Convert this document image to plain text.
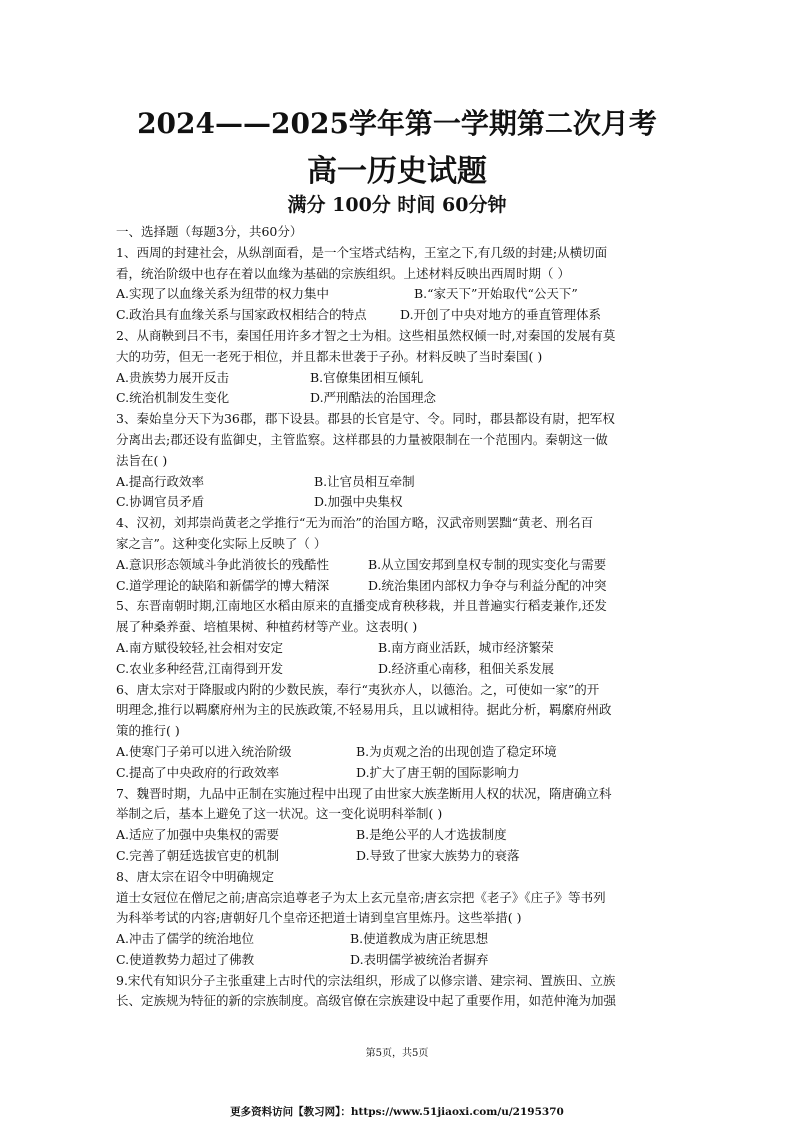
2024——2025学年第一学期第二次月考
高一历史试题
满分 100分 时间 60分钟
一、选择题（每题3分，共60分）
1、西周的封建社会，从纵剖面看，是一个宝塔式结构，王室之下,有几级的封建;从横切面
看，统治阶级中也存在着以血缘为基础的宗族组织。上述材料反映出西周时期（ ）
A.实现了以血缘关系为纽带的权力集中	B.“家天下”开始取代“公天下”
C.政治具有血缘关系与国家政权相结合的特点	D.开创了中央对地方的垂直管理体系
2、从商鞅到吕不韦，秦国任用许多才智之士为相。这些相虽然权倾一时,对秦国的发展有莫
大的功劳，但无一老死于相位，并且都未世袭于子孙。材料反映了当时秦国( )
A.贵族势力展开反击	B.官僚集团相互倾轧
C.统治机制发生变化	D.严刑酷法的治国理念
3、秦始皇分天下为36郡，郡下设县。郡县的长官是守、令。同时，郡县都设有尉，把军权
分离出去;郡还设有监御史，主管监察。这样郡县的力量被限制在一个范围内。秦朝这一做
法旨在( )
A.提高行政效率	B.让官员相互牵制
C.协调官员矛盾	D.加强中央集权
4、汉初，刘邦崇尚黄老之学推行“无为而治”的治国方略，汉武帝则罢黜“黄老、刑名百
家之言”。这种变化实际上反映了（ ）
A.意识形态领域斗争此消彼长的残酷性	B.从立国安邦到皇权专制的现实变化与需要
C.道学理论的缺陷和新儒学的博大精深	D.统治集团内部权力争夺与利益分配的冲突
5、东晋南朝时期,江南地区水稻由原来的直播变成育秧移栽，并且普遍实行稻麦兼作,还发
展了种桑养蚕、培植果树、种植药材等产业。这表明( )
A.南方赋役较轻,社会相对安定	B.南方商业活跃，城市经济繁荣
C.农业多种经营,江南得到开发	D.经济重心南移，租佃关系发展
6、唐太宗对于降服或内附的少数民族，奉行“夷狄亦人，以德治。之，可使如一家”的开
明理念,推行以羁縻府州为主的民族政策,不轻易用兵，且以诚相待。据此分析，羁縻府州政
策的推行( )
A.使寒门子弟可以进入统治阶级	B.为贞观之治的出现创造了稳定环境
C.提高了中央政府的行政效率	D.扩大了唐王朝的国际影响力
7、魏晋时期，九品中正制在实施过程中出现了由世家大族垄断用人权的状况，隋唐确立科
举制之后，基本上避免了这一状况。这一变化说明科举制( )
A.适应了加强中央集权的需要	B.是绝公平的人才选拔制度
C.完善了朝廷选拔官吏的机制	D.导致了世家大族势力的衰落
8、唐太宗在诏令中明确规定
道士女冠位在僧尼之前;唐高宗追尊老子为太上玄元皇帝;唐玄宗把《老子》《庄子》等书列
为科举考试的内容;唐朝好几个皇帝还把道士请到皇宫里炼丹。这些举措( )
A.冲击了儒学的统治地位	B.使道教成为唐正统思想
C.使道教势力超过了佛教	D.表明儒学被统治者摒弃
9.宋代有知识分子主张重建上古时代的宗法组织，形成了以修宗谱、建宗祠、置族田、立族
长、定族规为特征的新的宗族制度。高级官僚在宗族建设中起了重要作用，如范仲淹为加强
第5页，共5页
更多资料访问【教习网】：https://www.51jiaoxi.com/u/2195370
